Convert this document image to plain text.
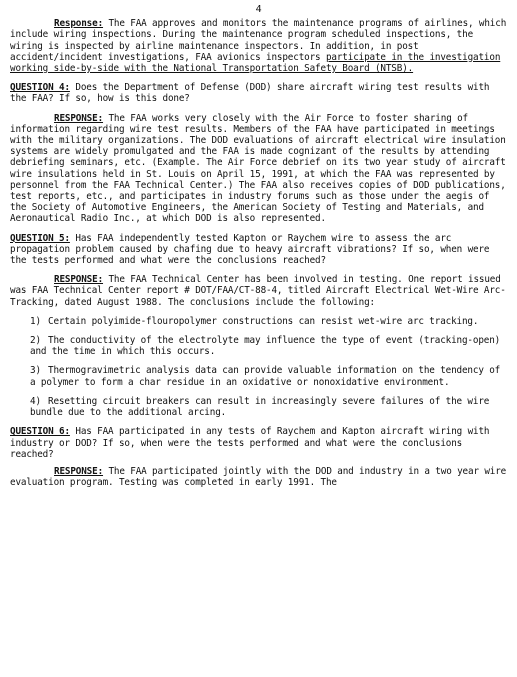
4
Response: The FAA approves and monitors the maintenance programs of airlines, which include wiring inspections. During the maintenance program scheduled inspections, the wiring is inspected by airline maintenance inspectors. In addition, in post accident/incident investigations, FAA avionics inspectors participate in the investigation working side-by-side with the National Transportation Safety Board (NTSB).
QUESTION 4: Does the Department of Defense (DOD) share aircraft wiring test results with the FAA? If so, how is this done?
RESPONSE: The FAA works very closely with the Air Force to foster sharing of information regarding wire test results. Members of the FAA have participated in meetings with the military organizations. The DOD evaluations of aircraft electrical wire insulation systems are widely promulgated and the FAA is made cognizant of the results by attending debriefing seminars, etc. (Example. The Air Force debrief on its two year study of aircraft wire insulations held in St. Louis on April 15, 1991, at which the FAA was represented by personnel from the FAA Technical Center.) The FAA also receives copies of DOD publications, test reports, etc., and participates in industry forums such as those under the aegis of the Society of Automotive Engineers, the American Society of Testing and Materials, and Aeronautical Radio Inc., at which DOD is also represented.
QUESTION 5: Has FAA independently tested Kapton or Raychem wire to assess the arc propagation problem caused by chafing due to heavy aircraft vibrations? If so, when were the tests performed and what were the conclusions reached?
RESPONSE: The FAA Technical Center has been involved in testing. One report issued was FAA Technical Center report # DOT/FAA/CT-88-4, titled Aircraft Electrical Wet-Wire Arc-Tracking, dated August 1988. The conclusions include the following:
1) Certain polyimide-flouropolymer constructions can resist wet-wire arc tracking.
2) The conductivity of the electrolyte may influence the type of event (tracking-open) and the time in which this occurs.
3) Thermogravimetric analysis data can provide valuable information on the tendency of a polymer to form a char residue in an oxidative or nonoxidative environment.
4) Resetting circuit breakers can result in increasingly severe failures of the wire bundle due to the additional arcing.
QUESTION 6: Has FAA participated in any tests of Raychem and Kapton aircraft wiring with industry or DOD? If so, when were the tests performed and what were the conclusions reached?
RESPONSE: The FAA participated jointly with the DOD and industry in a two year wire evaluation program. Testing was completed in early 1991. The
